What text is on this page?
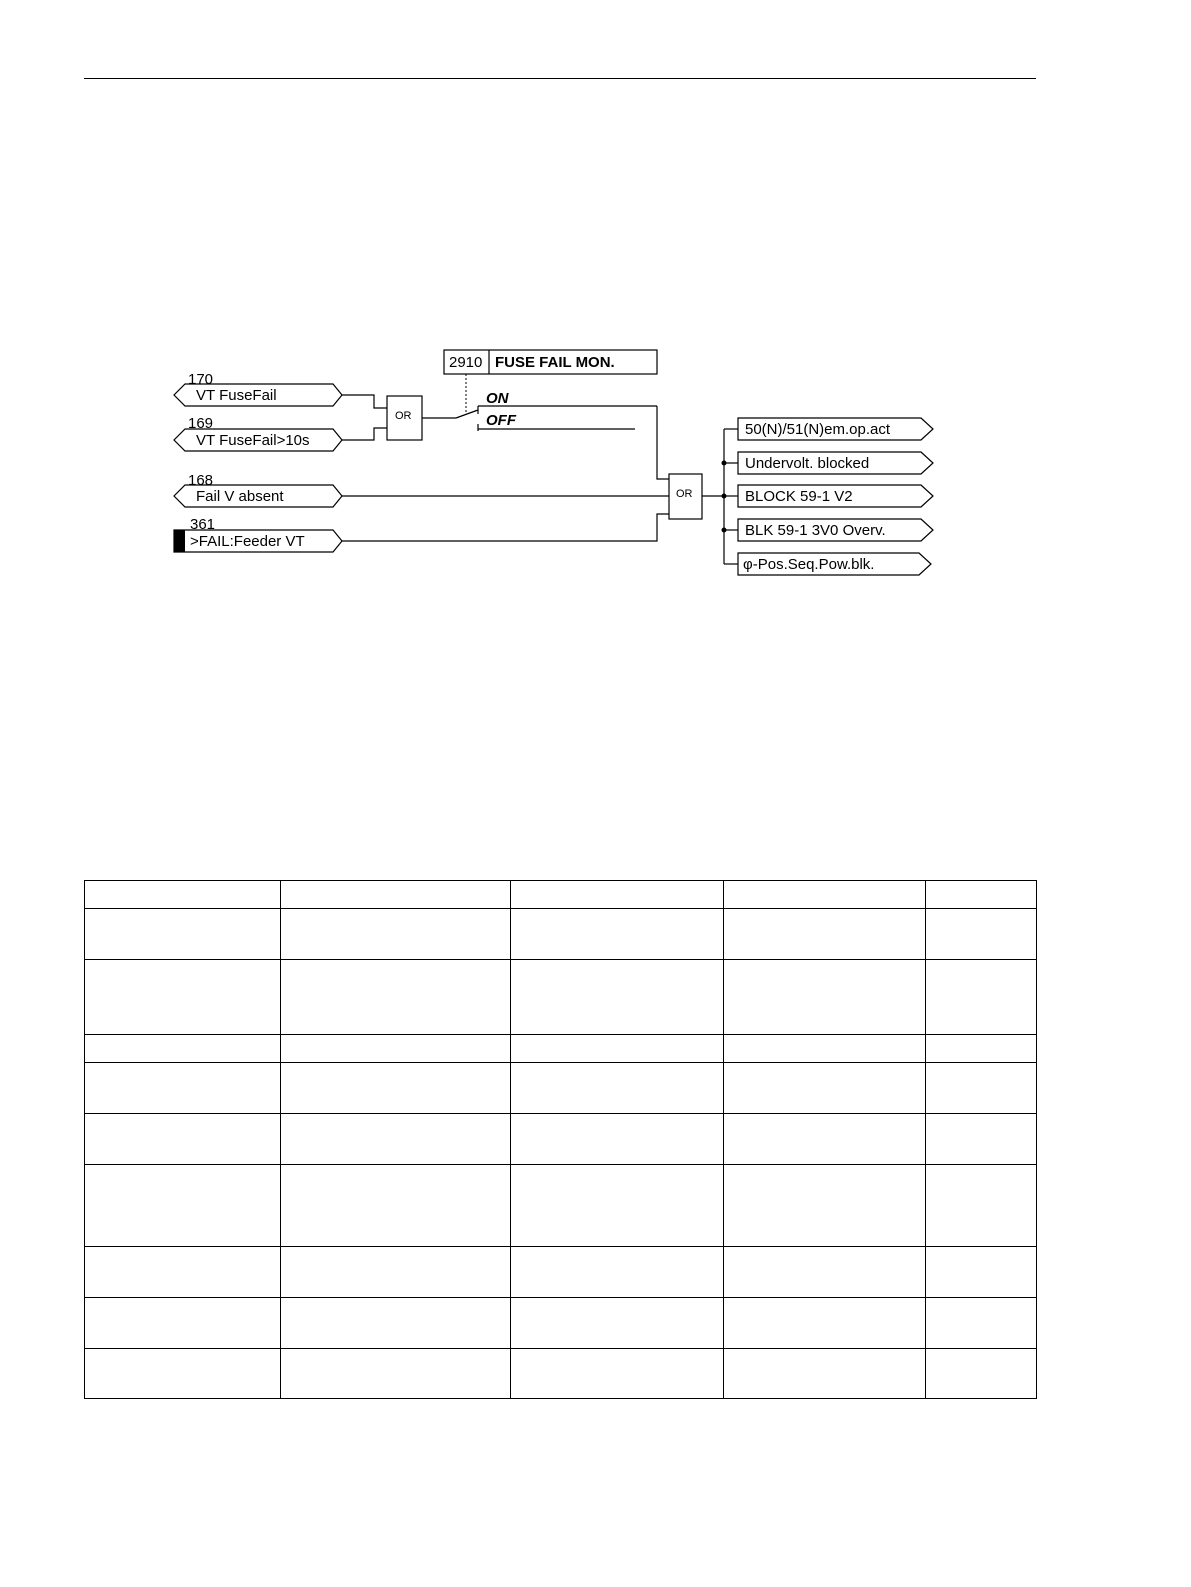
2910 FUSE FAIL MON.
ON
OFF
OR
OR
170
VT FuseFail
169
VT FuseFail>10s
168
Fail V absent
361
>FAIL:Feeder VT
50(N)/51(N)em.op.act
Undervolt. blocked
BLOCK 59-1 V2
BLK 59-1 3V0 Overv.
φ-Pos.Seq.Pow.blk.
